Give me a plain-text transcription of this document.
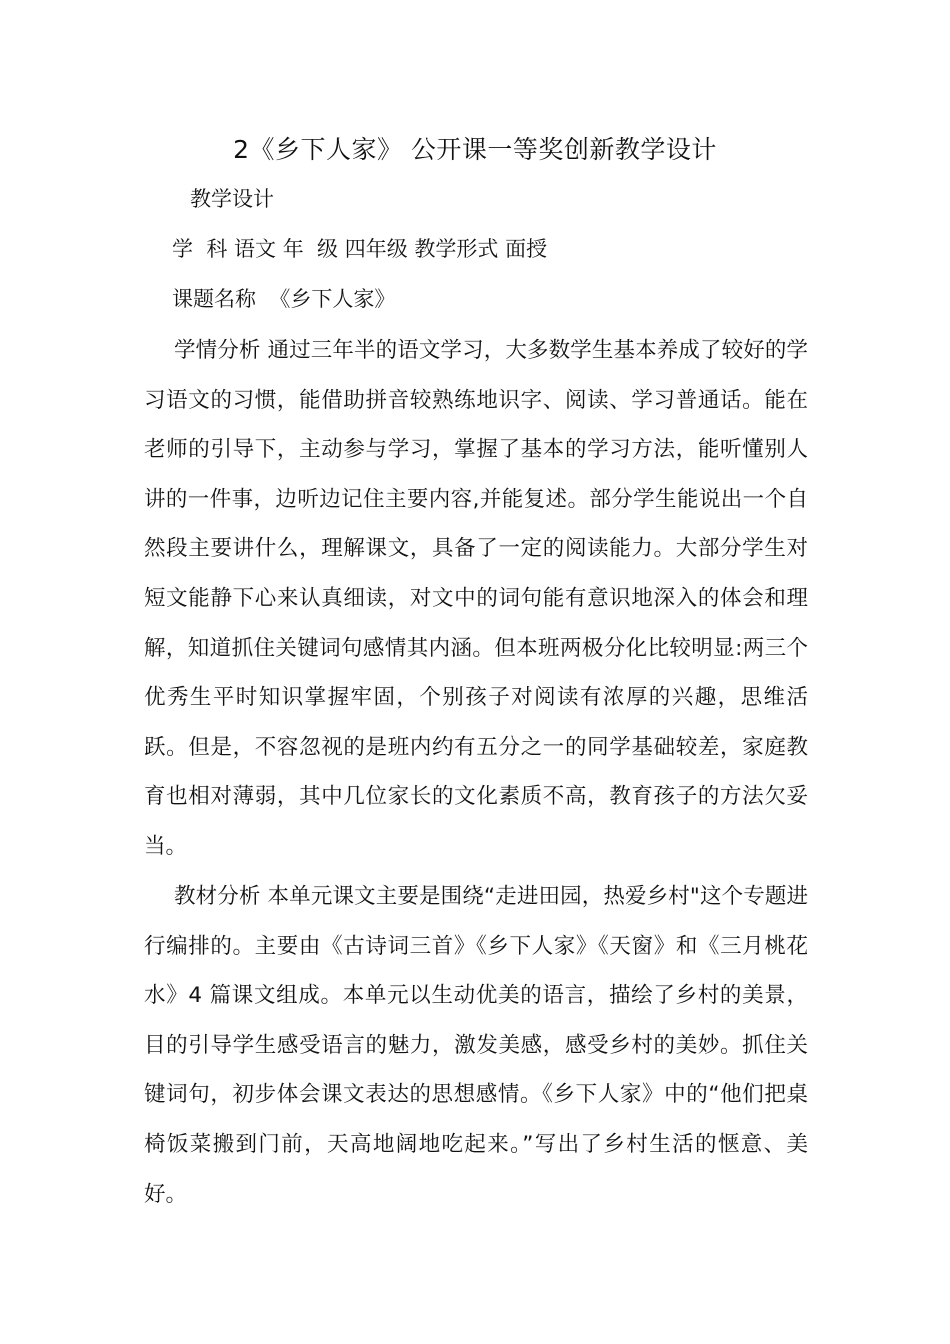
2《乡下人家》 公开课一等奖创新教学设计

教学设计

学  科 语文 年  级 四年级 教学形式 面授

课题名称  《乡下人家》

学情分析 通过三年半的语文学习，大多数学生基本养成了较好的学习语文的习惯，能借助拼音较熟练地识字、阅读、学习普通话。能在老师的引导下，主动参与学习，掌握了基本的学习方法，能听懂别人讲的一件事，边听边记住主要内容,并能复述。部分学生能说出一个自然段主要讲什么，理解课文，具备了一定的阅读能力。大部分学生对短文能静下心来认真细读，对文中的词句能有意识地深入的体会和理解，知道抓住关键词句感情其内涵。但本班两极分化比较明显:两三个优秀生平时知识掌握牢固，个别孩子对阅读有浓厚的兴趣，思维活跃。但是，不容忽视的是班内约有五分之一的同学基础较差，家庭教育也相对薄弱，其中几位家长的文化素质不高，教育孩子的方法欠妥当。

教材分析 本单元课文主要是围绕“走进田园，热爱乡村"这个专题进行编排的。主要由《古诗词三首》《乡下人家》《天窗》和《三月桃花水》4 篇课文组成。本单元以生动优美的语言，描绘了乡村的美景，目的引导学生感受语言的魅力，激发美感，感受乡村的美妙。抓住关键词句，初步体会课文表达的思想感情。《乡下人家》中的“他们把桌椅饭菜搬到门前，天高地阔地吃起来。”写出了乡村生活的惬意、美好。
